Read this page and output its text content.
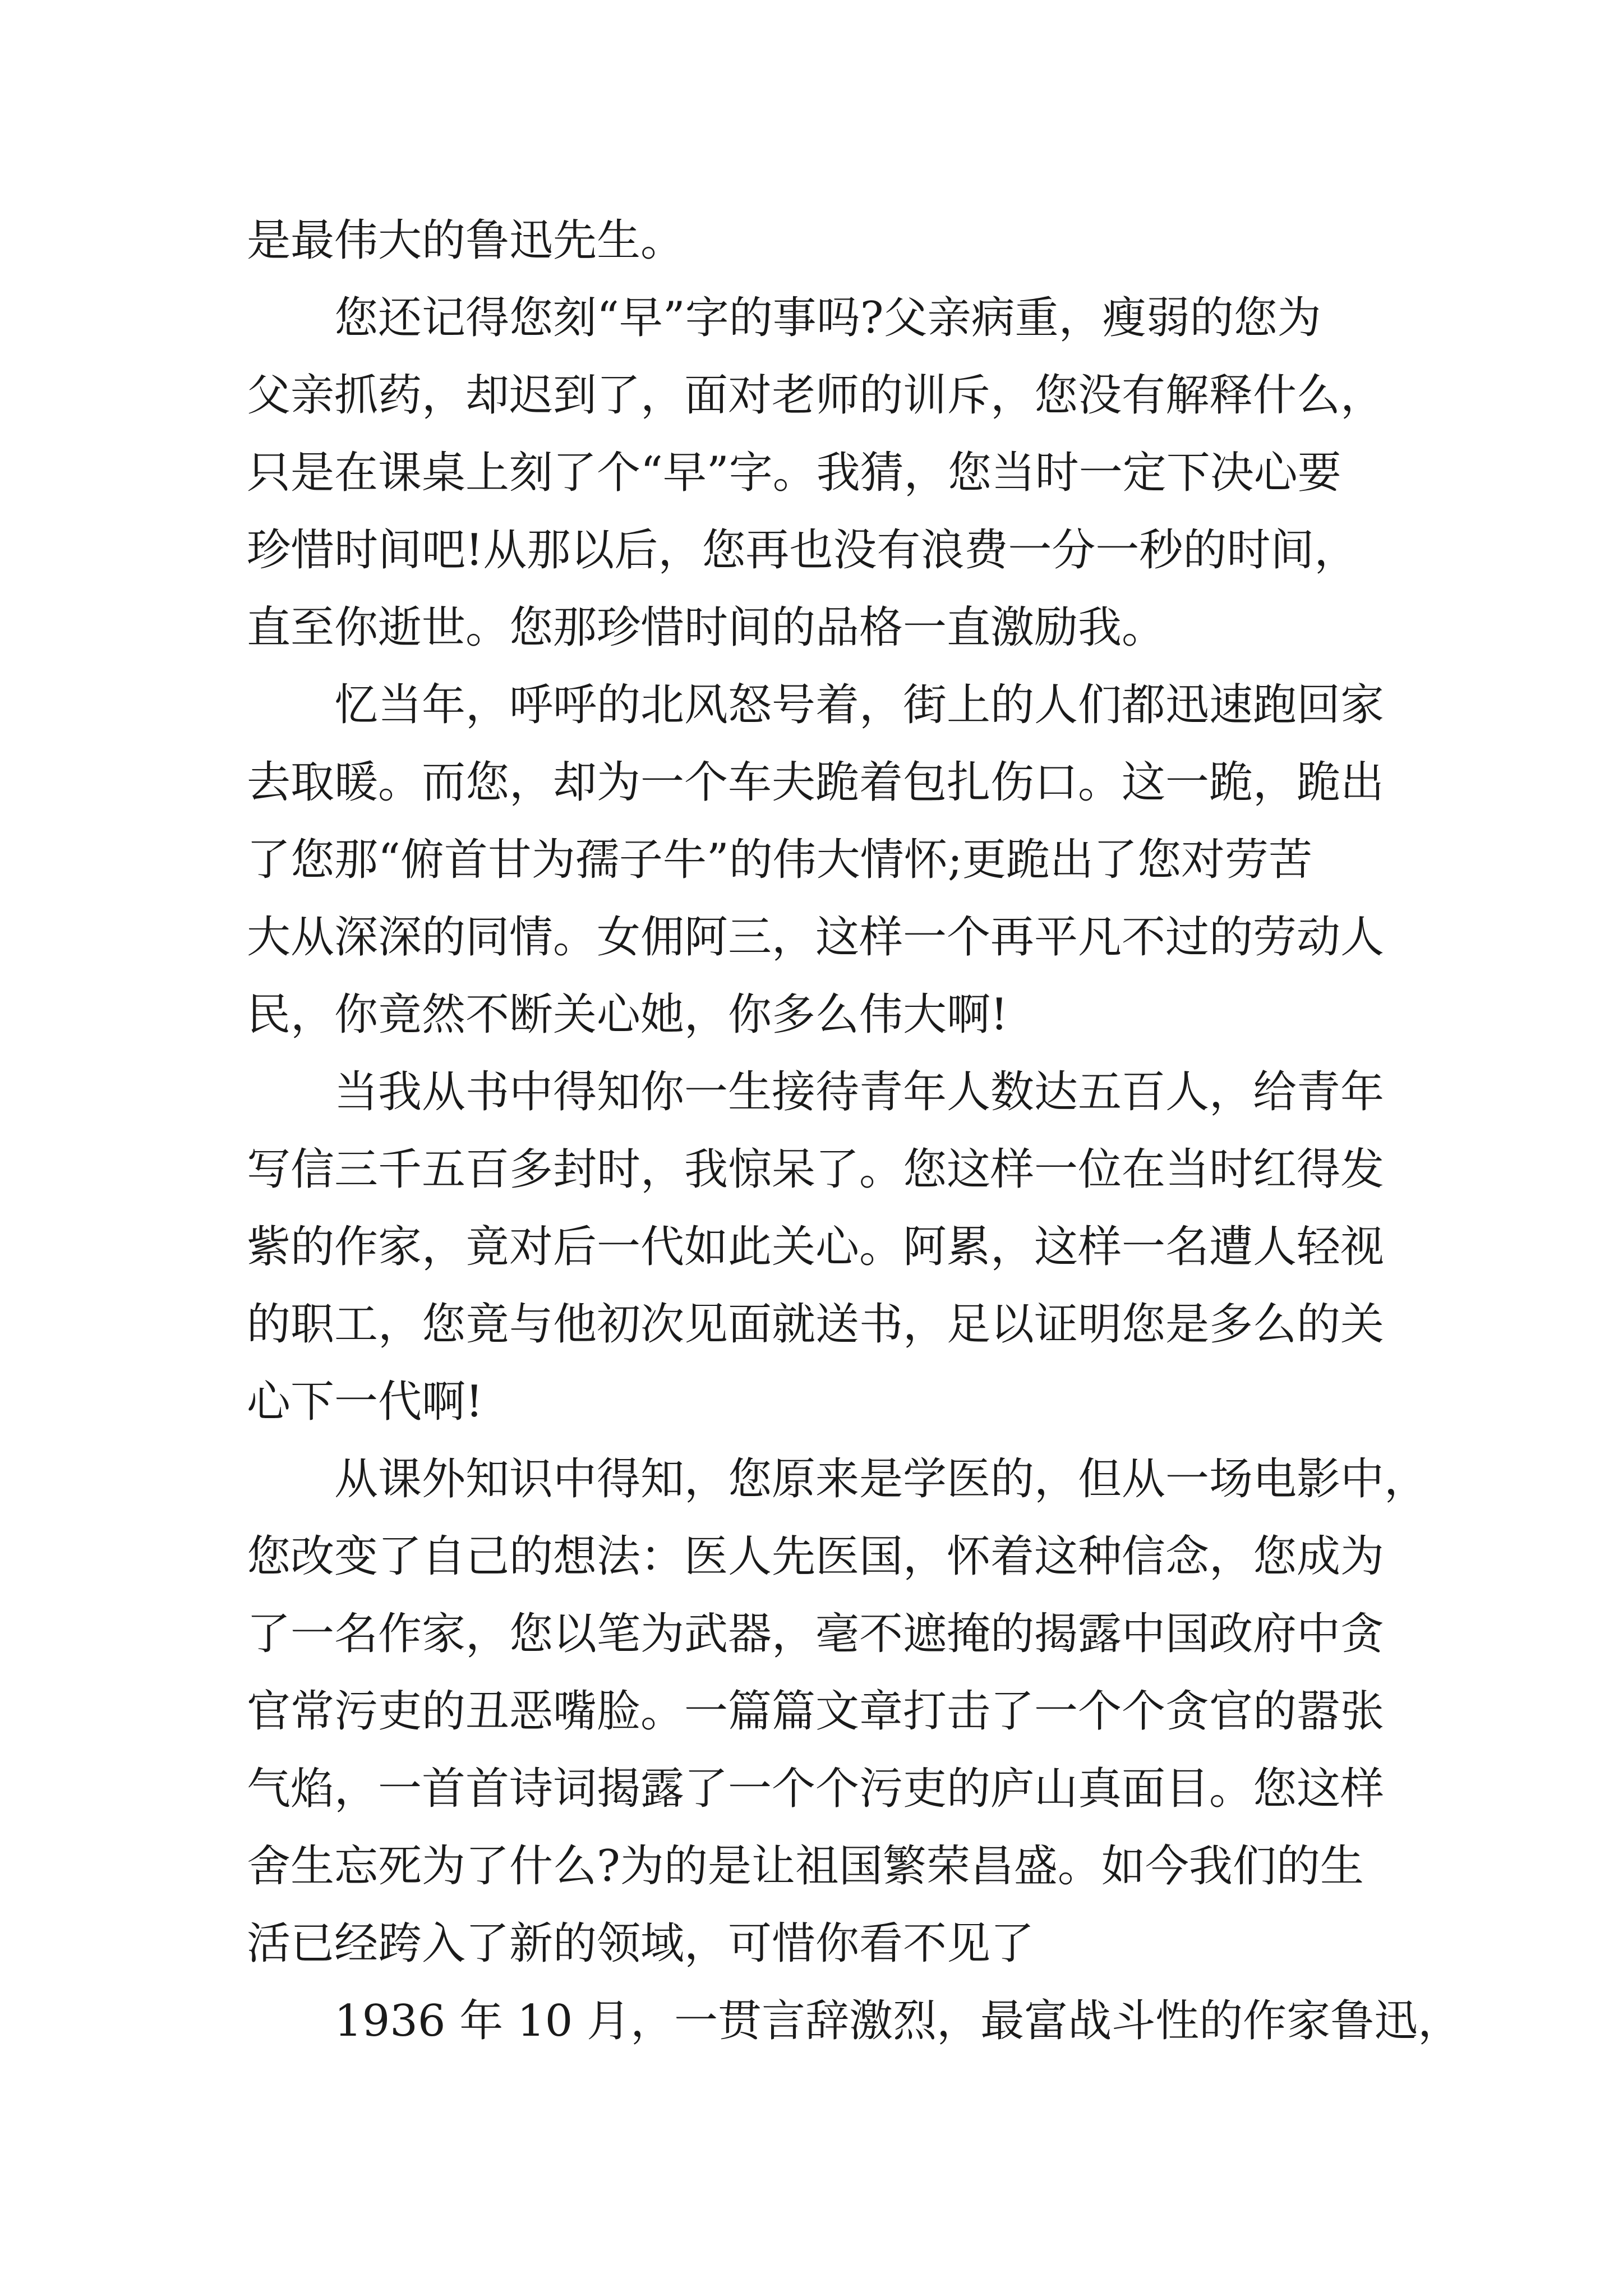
是最伟大的鲁迅先生。
您还记得您刻“早”字的事吗?父亲病重，瘦弱的您为
父亲抓药，却迟到了，面对老师的训斥，您没有解释什么，
只是在课桌上刻了个“早”字。我猜，您当时一定下决心要
珍惜时间吧!从那以后，您再也没有浪费一分一秒的时间，
直至你逝世。您那珍惜时间的品格一直激励我。
忆当年，呼呼的北风怒号着，街上的人们都迅速跑回家
去取暖。而您，却为一个车夫跪着包扎伤口。这一跪，跪出
了您那“俯首甘为孺子牛”的伟大情怀;更跪出了您对劳苦
大从深深的同情。女佣阿三，这样一个再平凡不过的劳动人
民，你竟然不断关心她，你多么伟大啊!
当我从书中得知你一生接待青年人数达五百人，给青年
写信三千五百多封时，我惊呆了。您这样一位在当时红得发
紫的作家，竟对后一代如此关心。阿累，这样一名遭人轻视
的职工，您竟与他初次见面就送书，足以证明您是多么的关
心下一代啊!
从课外知识中得知，您原来是学医的，但从一场电影中，
您改变了自己的想法：医人先医国，怀着这种信念，您成为
了一名作家，您以笔为武器，毫不遮掩的揭露中国政府中贪
官常污吏的丑恶嘴脸。一篇篇文章打击了一个个贪官的嚣张
气焰，一首首诗词揭露了一个个污吏的庐山真面目。您这样
舍生忘死为了什么?为的是让祖国繁荣昌盛。如今我们的生
活已经跨入了新的领域，可惜你看不见了
1936 年 10 月，一贯言辞激烈，最富战斗性的作家鲁迅，
